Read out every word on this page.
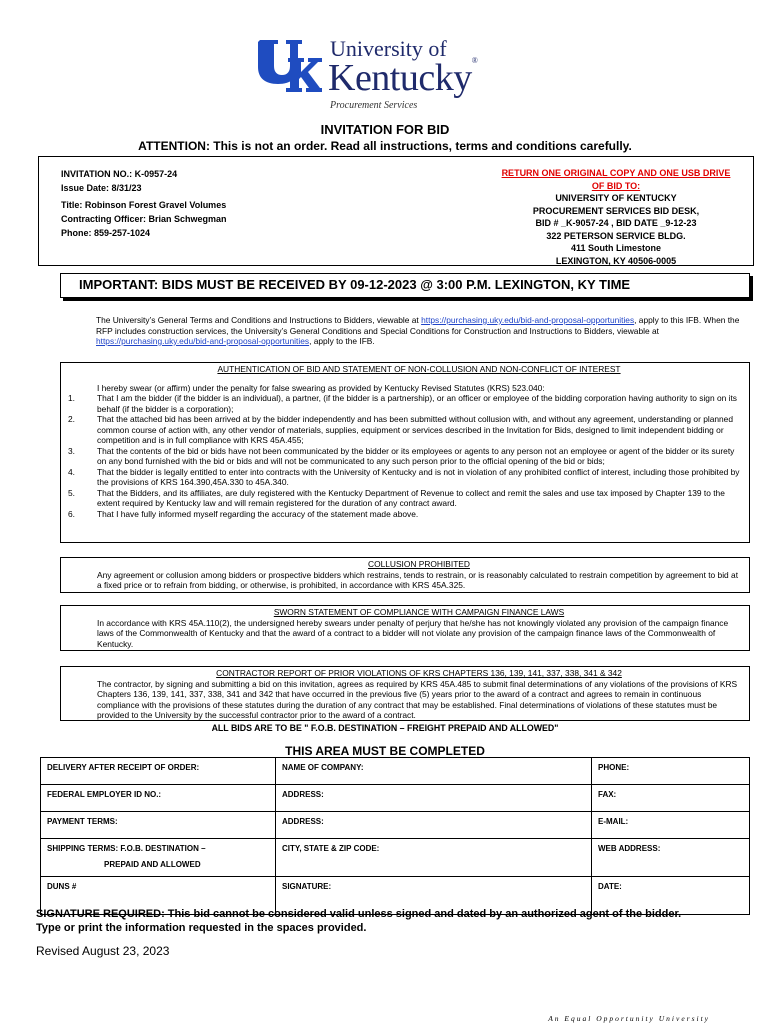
University of
Kentucky®
Procurement Services
INVITATION FOR BID
ATTENTION: This is not an order. Read all instructions, terms and conditions carefully.
INVITATION NO.: K-0957-24
Issue Date: 8/31/23
Title: Robinson Forest Gravel Volumes
Contracting Officer: Brian Schwegman
Phone: 859-257-1024
RETURN ONE ORIGINAL COPY AND ONE USB DRIVE
OF BID TO:
UNIVERSITY OF KENTUCKY
PROCUREMENT SERVICES BID DESK,
BID # _K-9057-24 , BID DATE _9-12-23
322 PETERSON SERVICE BLDG.
411 South Limestone
LEXINGTON, KY 40506-0005
IMPORTANT: BIDS MUST BE RECEIVED BY 09-12-2023 @ 3:00 P.M. LEXINGTON, KY TIME
The University’s General Terms and Conditions and Instructions to Bidders, viewable at https://purchasing.uky.edu/bid-and-proposal-opportunities, apply to this IFB. When the RFP includes construction services, the University’s General Conditions and Special Conditions for Construction and Instructions to Bidders, viewable at https://purchasing.uky.edu/bid-and-proposal-opportunities, apply to the IFB.
AUTHENTICATION OF BID AND STATEMENT OF NON-COLLUSION AND NON-CONFLICT OF INTEREST
I hereby swear (or affirm) under the penalty for false swearing as provided by Kentucky Revised Statutes (KRS) 523.040:
1.	That I am the bidder (if the bidder is an individual), a partner, (if the bidder is a partnership), or an officer or employee of the bidding corporation having authority to sign on its behalf (if the bidder is a corporation);
2.	That the attached bid has been arrived at by the bidder independently and has been submitted without collusion with, and without any agreement, understanding or planned common course of action with, any other vendor of materials, supplies, equipment or services described in the Invitation for Bids, designed to limit independent bidding or competition and is in full compliance with KRS 45A.455;
3.	That the contents of the bid or bids have not been communicated by the bidder or its employees or agents to any person not an employee or agent of the bidder or its surety on any bond furnished with the bid or bids and will not be communicated to any such person prior to the official opening of the bid or bids;
4.	That the bidder is legally entitled to enter into contracts with the University of Kentucky and is not in violation of any prohibited conflict of interest, including those prohibited by the provisions of KRS 164.390,45A.330 to 45A.340.
5.	That the Bidders, and its affiliates, are duly registered with the Kentucky Department of Revenue to collect and remit the sales and use tax imposed by Chapter 139 to the extent required by Kentucky law and will remain registered for the duration of any contract award.
6.	That I have fully informed myself regarding the accuracy of the statement made above.
COLLUSION PROHIBITED
Any agreement or collusion among bidders or prospective bidders which restrains, tends to restrain, or is reasonably calculated to restrain competition by agreement to bid at a fixed price or to refrain from bidding, or otherwise, is prohibited, in accordance with KRS 45A.325.
SWORN STATEMENT OF COMPLIANCE WITH CAMPAIGN FINANCE LAWS
In accordance with KRS 45A.110(2), the undersigned hereby swears under penalty of perjury that he/she has not knowingly violated any provision of the campaign finance laws of the Commonwealth of Kentucky and that the award of a contract to a bidder will not violate any provision of the campaign finance laws of the Commonwealth of Kentucky.
CONTRACTOR REPORT OF PRIOR VIOLATIONS OF KRS CHAPTERS 136, 139, 141, 337, 338, 341 & 342
The contractor, by signing and submitting a bid on this invitation, agrees as required by KRS 45A.485 to submit final determinations of any violations of the provisions of KRS Chapters 136, 139, 141, 337, 338, 341 and 342 that have occurred in the previous five (5) years prior to the award of a contract and agrees to remain in continuous compliance with the provisions of these statutes during the duration of any contract that may be established. Final determinations of violations of these statutes must be provided to the University by the successful contractor prior to the award of a contract.
ALL BIDS ARE TO BE " F.O.B. DESTINATION – FREIGHT PREPAID AND ALLOWED"
THIS AREA MUST BE COMPLETED
DELIVERY AFTER RECEIPT OF ORDER:	NAME OF COMPANY:	PHONE:
FEDERAL EMPLOYER ID NO.:	ADDRESS:	FAX:
PAYMENT TERMS:	ADDRESS:	E-MAIL:
SHIPPING TERMS: F.O.B. DESTINATION –
PREPAID AND ALLOWED	CITY, STATE & ZIP CODE:	WEB ADDRESS:
DUNS #	SIGNATURE:	DATE:
SIGNATURE REQUIRED: This bid cannot be considered valid unless signed and dated by an authorized agent of the bidder.
Type or print the information requested in the spaces provided.
Revised August 23, 2023
An Equal Opportunity University
